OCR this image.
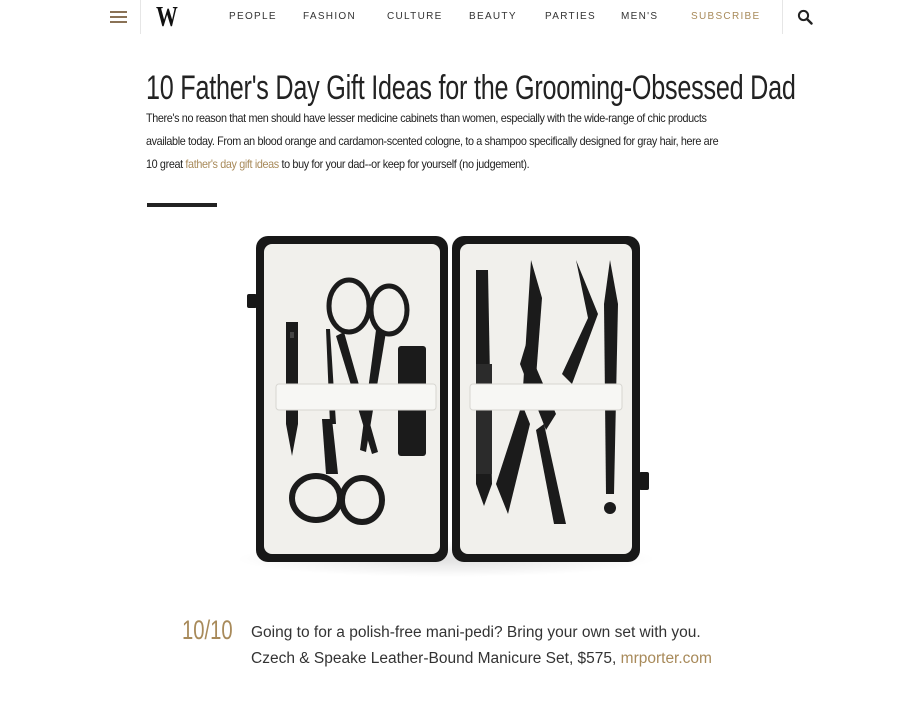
W	PEOPLE	FASHION	CULTURE	BEAUTY	PARTIES	MEN'S	SUBSCRIBE
10 Father's Day Gift Ideas for the Grooming-Obsessed Dad

There's no reason that men should have lesser medicine cabinets than women, especially with the wide-range of chic products available today. From an blood orange and cardamon-scented cologne, to a shampoo specifically designed for gray hair, here are 10 great father's day gift ideas to buy for your dad--or keep for yourself (no judgement).

10/10 Going to for a polish-free mani-pedi? Bring your own set with you.
Czech & Speake Leather-Bound Manicure Set, $575, mrporter.com
